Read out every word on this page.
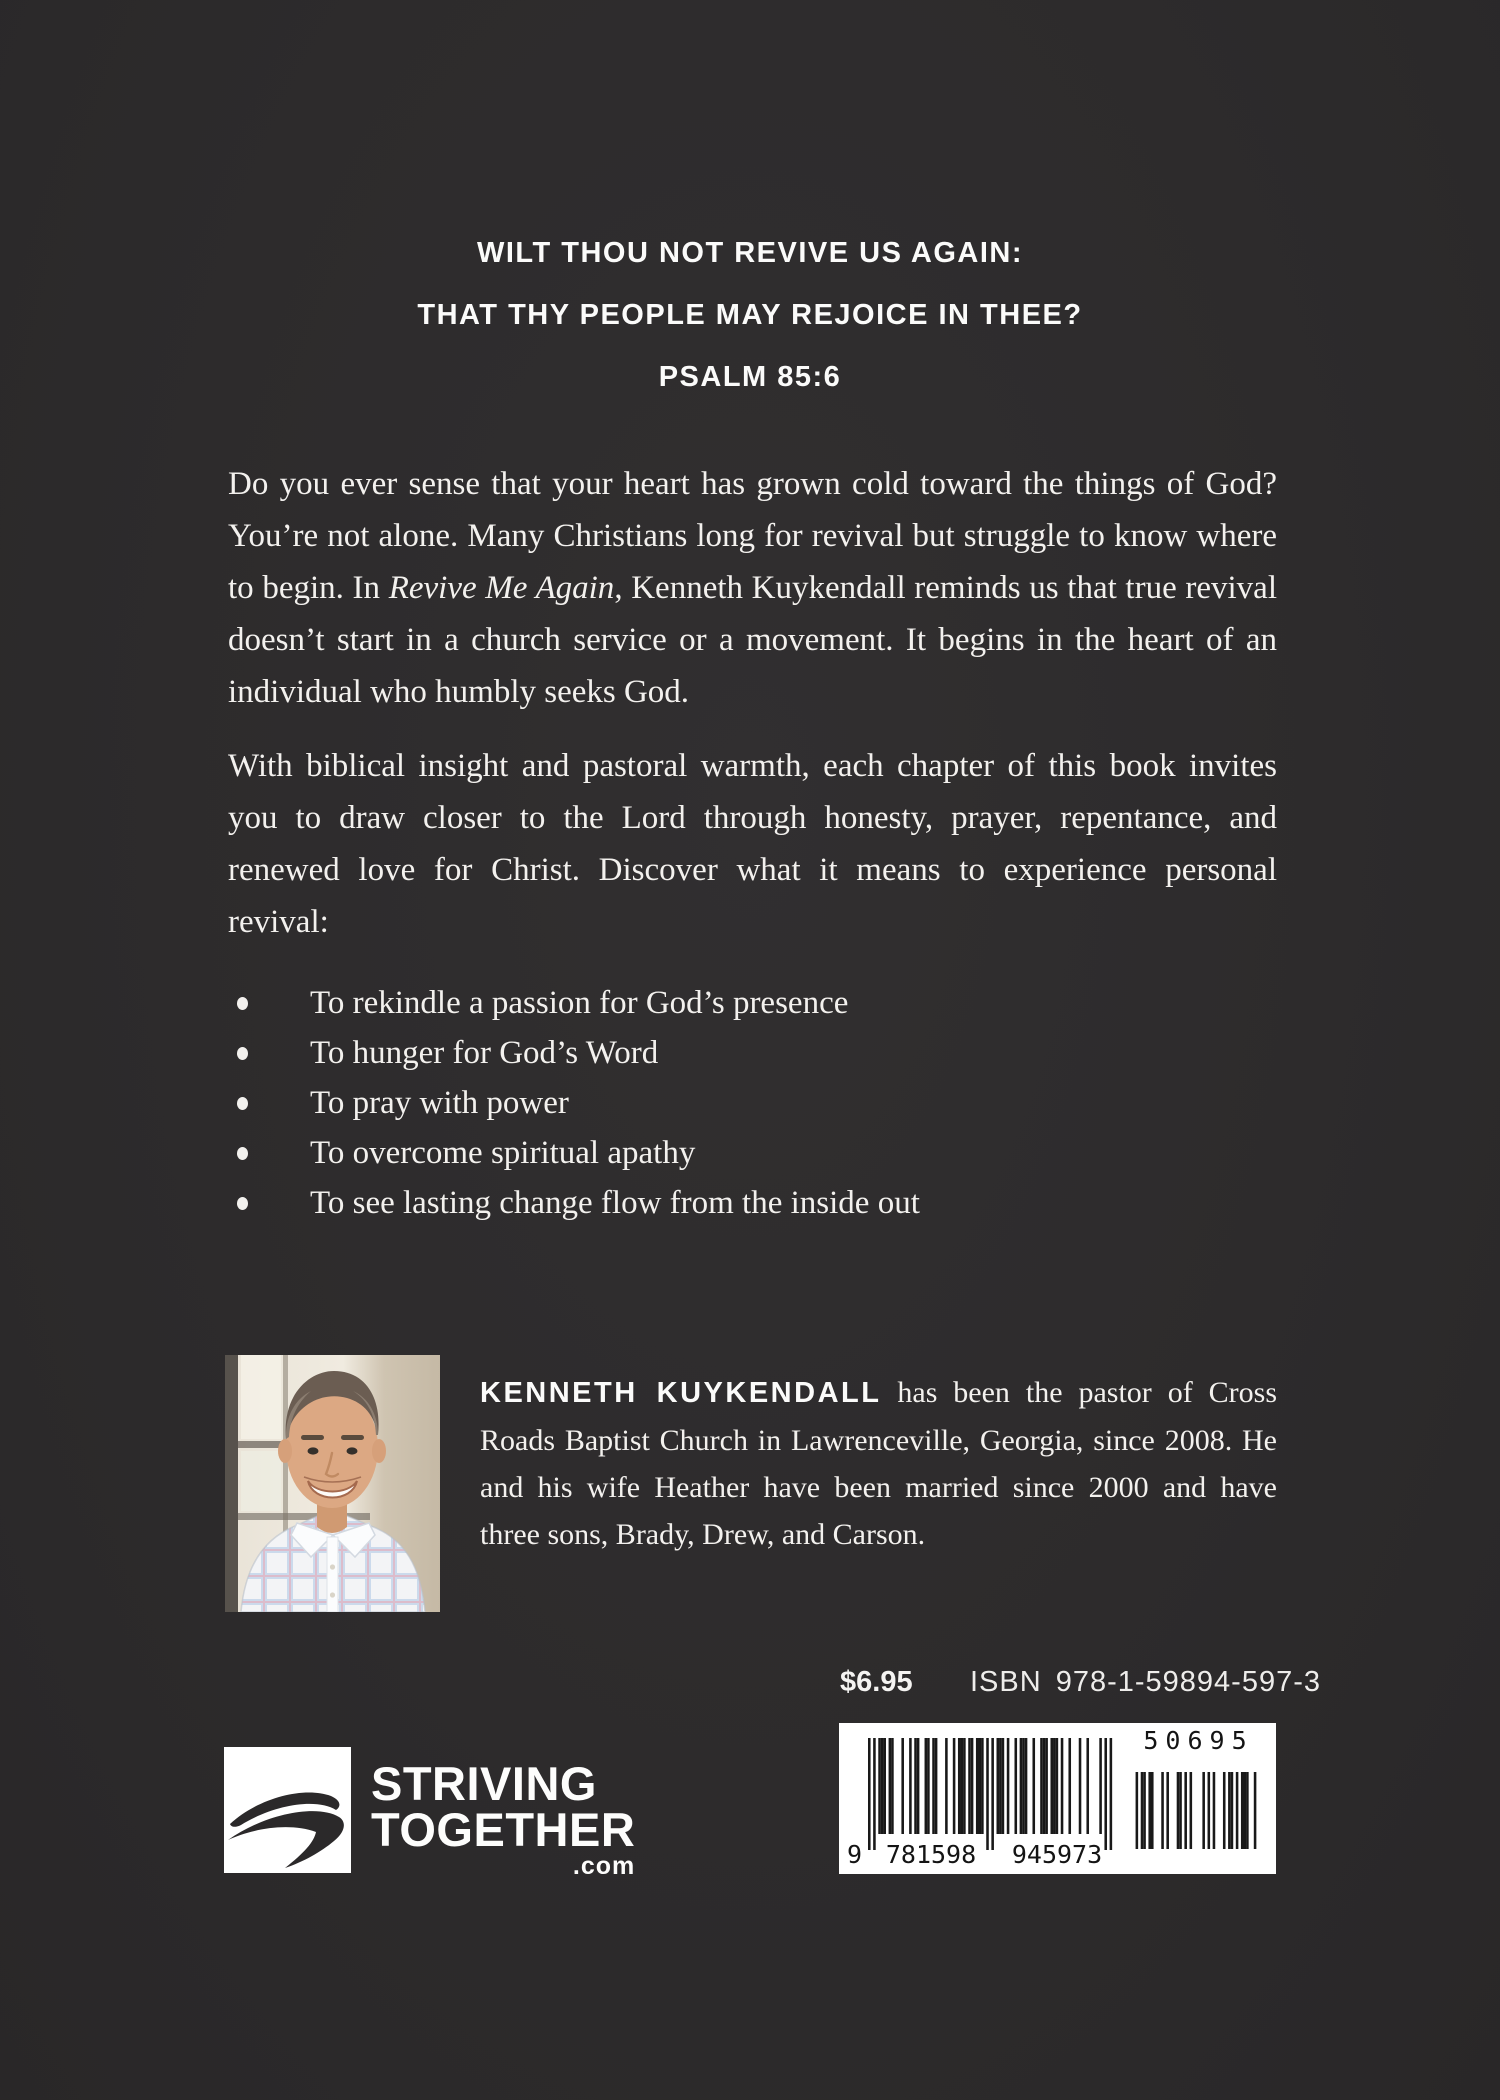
WILT THOU NOT REVIVE US AGAIN:
THAT THY PEOPLE MAY REJOICE IN THEE?
PSALM 85:6

Do you ever sense that your heart has grown cold toward the things of God? You’re not alone. Many Christians long for revival but struggle to know where to begin. In Revive Me Again, Kenneth Kuykendall reminds us that true revival doesn’t start in a church service or a movement. It begins in the heart of an individual who humbly seeks God.

With biblical insight and pastoral warmth, each chapter of this book invites you to draw closer to the Lord through honesty, prayer, repentance, and renewed love for Christ. Discover what it means to experience personal revival:

To rekindle a passion for God’s presence
To hunger for God’s Word
To pray with power
To overcome spiritual apathy
To see lasting change flow from the inside out

KENNETH KUYKENDALL has been the pastor of Cross Roads Baptist Church in Lawrenceville, Georgia, since 2008. He and his wife Heather have been married since 2000 and have three sons, Brady, Drew, and Carson.

$6.95 ISBN 978-1-59894-597-3
9 781598 945973
50695
STRIVING
TOGETHER
.com
